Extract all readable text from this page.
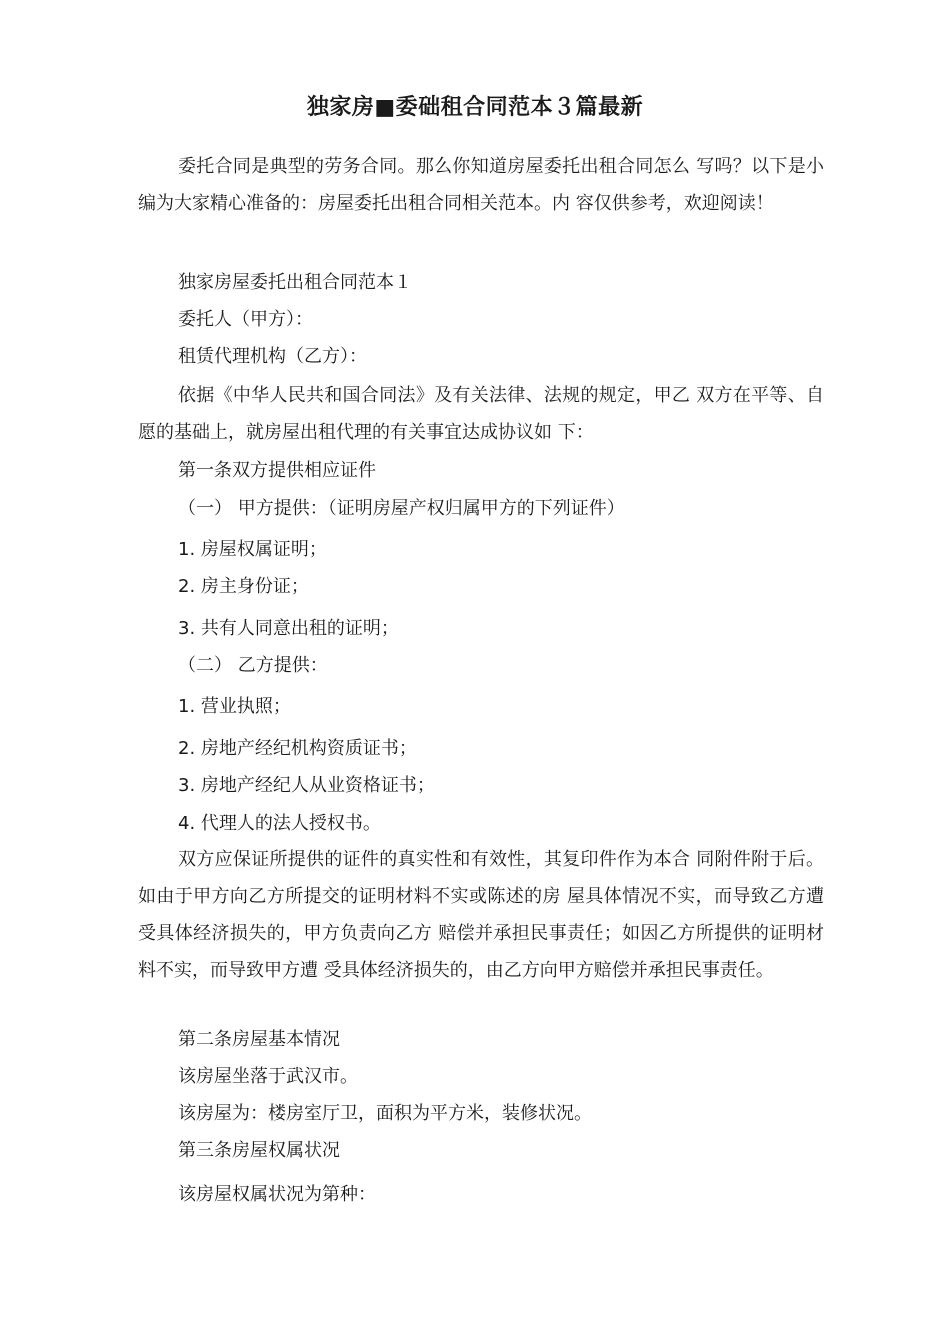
独家房■委础租合同范本３篇最新

委托合同是典型的劳务合同。那么你知道房屋委托出租合同怎么 写吗？以下是小编为大家精心准备的：房屋委托出租合同相关范本。内 容仅供参考，欢迎阅读！

独家房屋委托出租合同范本１

委托人（甲方）：

租赁代理机构（乙方）：

依据《中华人民共和国合同法》及有关法律、法规的规定，甲乙 双方在平等、自愿的基础上，就房屋出租代理的有关事宜达成协议如 下：

第一条双方提供相应证件

（一） 甲方提供：（证明房屋产权归属甲方的下列证件）

1. 房屋权属证明；

2. 房主身份证；

3. 共有人同意出租的证明；

（二） 乙方提供：

1. 营业执照；

2. 房地产经纪机构资质证书；

3. 房地产经纪人从业资格证书；

4. 代理人的法人授权书。

双方应保证所提供的证件的真实性和有效性，其复印件作为本合 同附件附于后。如由于甲方向乙方所提交的证明材料不实或陈述的房 屋具体情况不实，而导致乙方遭受具体经济损失的，甲方负责向乙方 赔偿并承担民事责任；如因乙方所提供的证明材料不实，而导致甲方遭 受具体经济损失的，由乙方向甲方赔偿并承担民事责任。

第二条房屋基本情况

该房屋坐落于武汉市。

该房屋为：楼房室厅卫，面积为平方米，装修状况。

第三条房屋权属状况

该房屋权属状况为第种：
